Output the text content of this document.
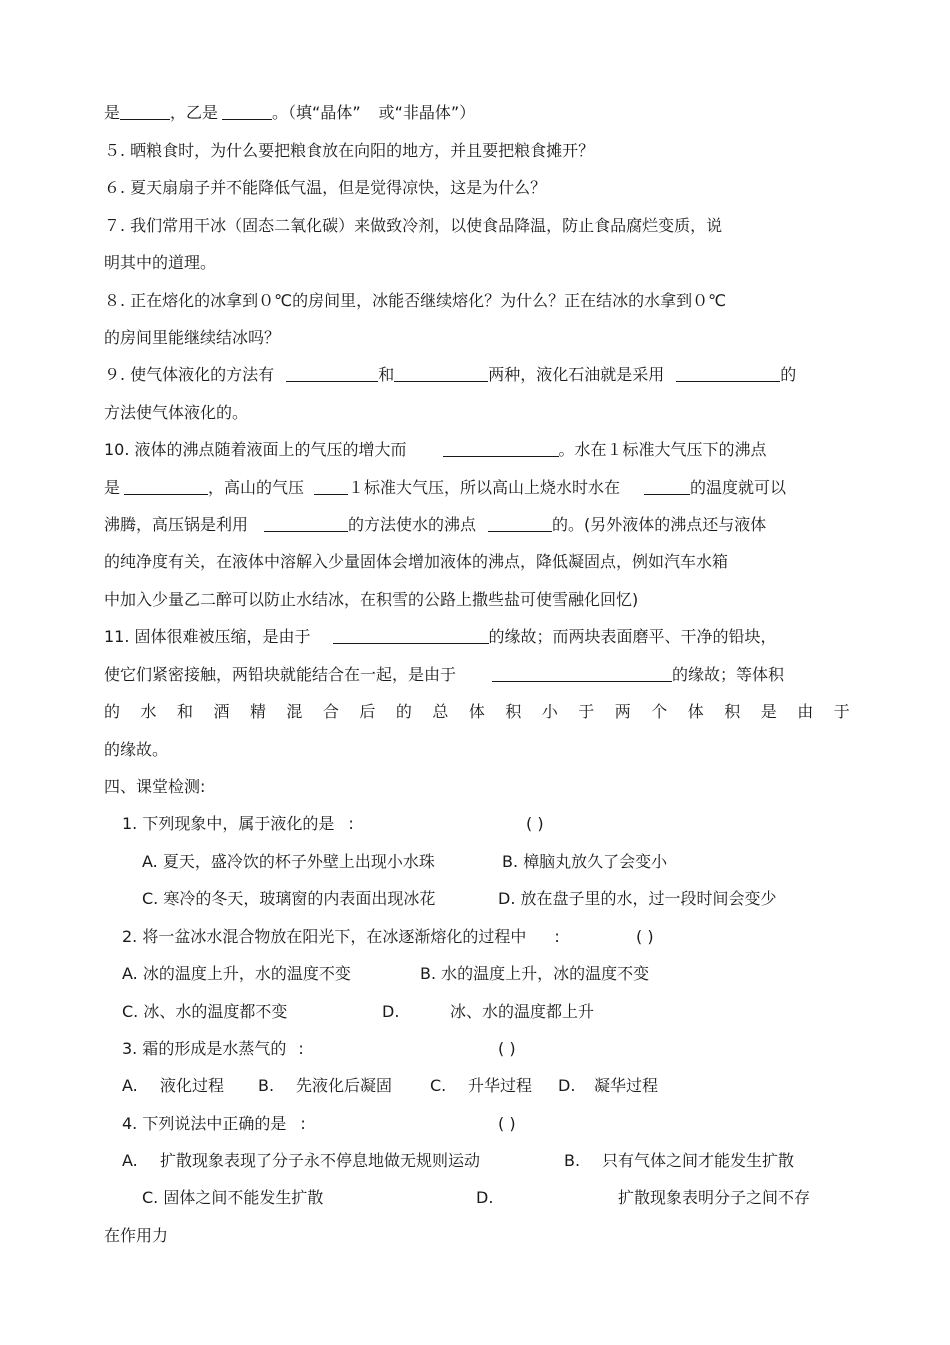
是	，乙是	。（填“晶体” 或“非晶体”）
５. 晒粮食时，为什么要把粮食放在向阳的地方，并且要把粮食摊开？
６. 夏天扇扇子并不能降低气温，但是觉得凉快，这是为什么？
７. 我们常用干冰（固态二氧化碳）来做致冷剂，以使食品降温，防止食品腐烂变质，说
明其中的道理。
８. 正在熔化的冰拿到０℃的房间里，冰能否继续熔化？为什么？正在结冰的水拿到０℃
的房间里能继续结冰吗？
９. 使气体液化的方法有	和	两种，液化石油就是采用	的
方法使气体液化的。
10. 液体的沸点随着液面上的气压的增大而	。水在１标准大气压下的沸点
是	，高山的气压	１标准大气压，所以高山上烧水时水在	的温度就可以
沸腾，高压锅是利用	的方法使水的沸点	的。(另外液体的沸点还与液体
的纯净度有关，在液体中溶解入少量固体会增加液体的沸点，降低凝固点，例如汽车水箱
中加入少量乙二醉可以防止水结冰，在积雪的公路上撒些盐可使雪融化回忆)
11. 固体很难被压缩，是由于	的缘故；而两块表面磨平、干净的铅块，
使它们紧密接触，两铅块就能结合在一起，是由于	的缘故；等体积
的 水 和 酒 精 混 合 后 的 总 体 积 小 于 两 个 体 积 是 由 于
的缘故。
四、课堂检测:
1. 下列现象中，属于液化的是 :	( )
A. 夏天，盛冷饮的杯子外壁上出现小水珠	B. 樟脑丸放久了会变小
C. 寒冷的冬天，玻璃窗的内表面出现冰花	D. 放在盘子里的水，过一段时间会变少
2. 将一盆冰水混合物放在阳光下，在冰逐渐熔化的过程中 :	( )
A. 冰的温度上升，水的温度不变	B. 水的温度上升，冰的温度不变
C. 冰、水的温度都不变	D.	冰、水的温度都上升
3. 霜的形成是水蒸气的 :	( )
A. 液化过程 B. 先液化后凝固 C. 升华过程 D. 凝华过程
4. 下列说法中正确的是 :	( )
A. 扩散现象表现了分子永不停息地做无规则运动	B. 只有气体之间才能发生扩散
C. 固体之间不能发生扩散	D.	扩散现象表明分子之间不存
在作用力
